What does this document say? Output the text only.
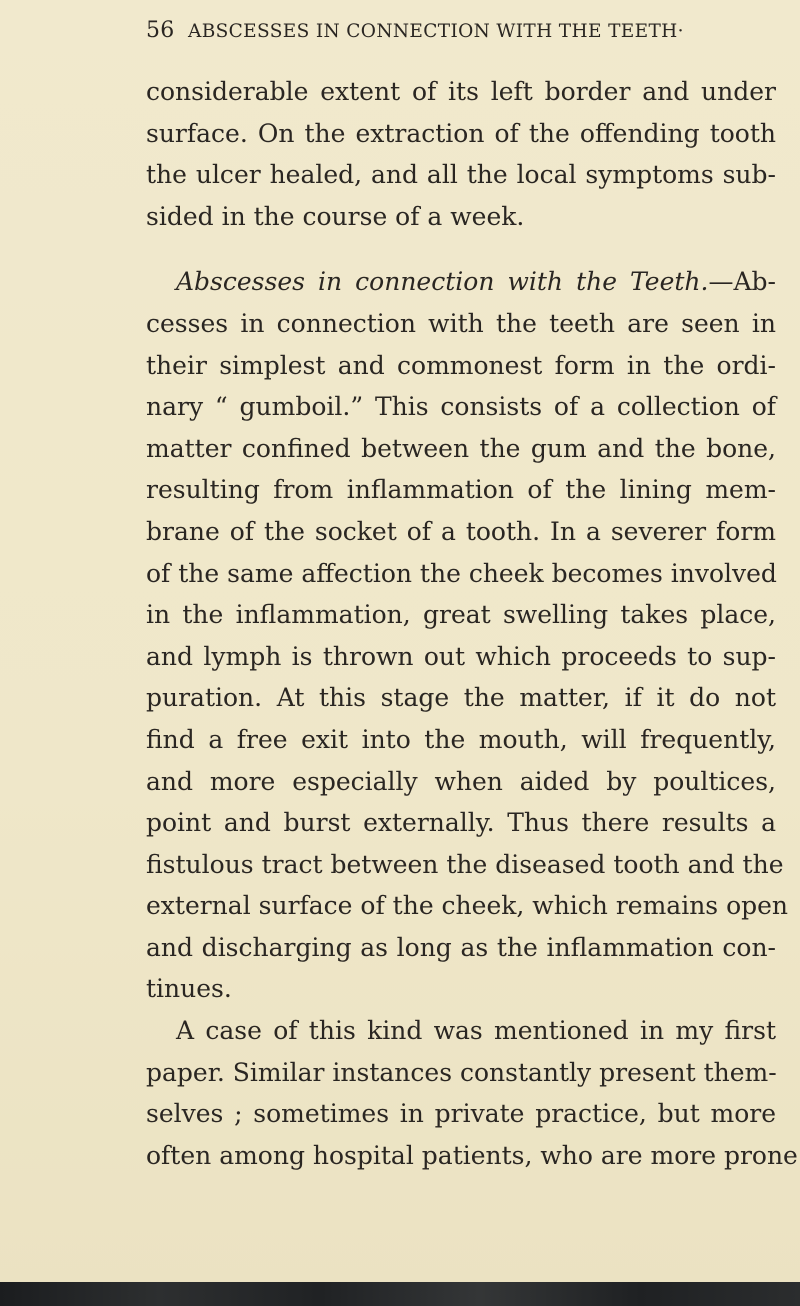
56 ABSCESSES IN CONNECTION WITH THE TEETH·
considerable extent of its left border and under
surface. On the extraction of the offending tooth
the ulcer healed, and all the local symptoms sub-
sided in the course of a week.
Abscesses in connection with the Teeth.—Ab-
cesses in connection with the teeth are seen in
their simplest and commonest form in the ordi-
nary “ gumboil.” This consists of a collection of
matter confined between the gum and the bone,
resulting from inflammation of the lining mem-
brane of the socket of a tooth. In a severer form
of the same affection the cheek becomes involved
in the inflammation, great swelling takes place,
and lymph is thrown out which proceeds to sup-
puration. At this stage the matter, if it do not
find a free exit into the mouth, will frequently,
and more especially when aided by poultices,
point and burst externally. Thus there results a
fistulous tract between the diseased tooth and the
external surface of the cheek, which remains open
and discharging as long as the inflammation con-
tinues.
A case of this kind was mentioned in my first
paper. Similar instances constantly present them-
selves ; sometimes in private practice, but more
often among hospital patients, who are more prone
